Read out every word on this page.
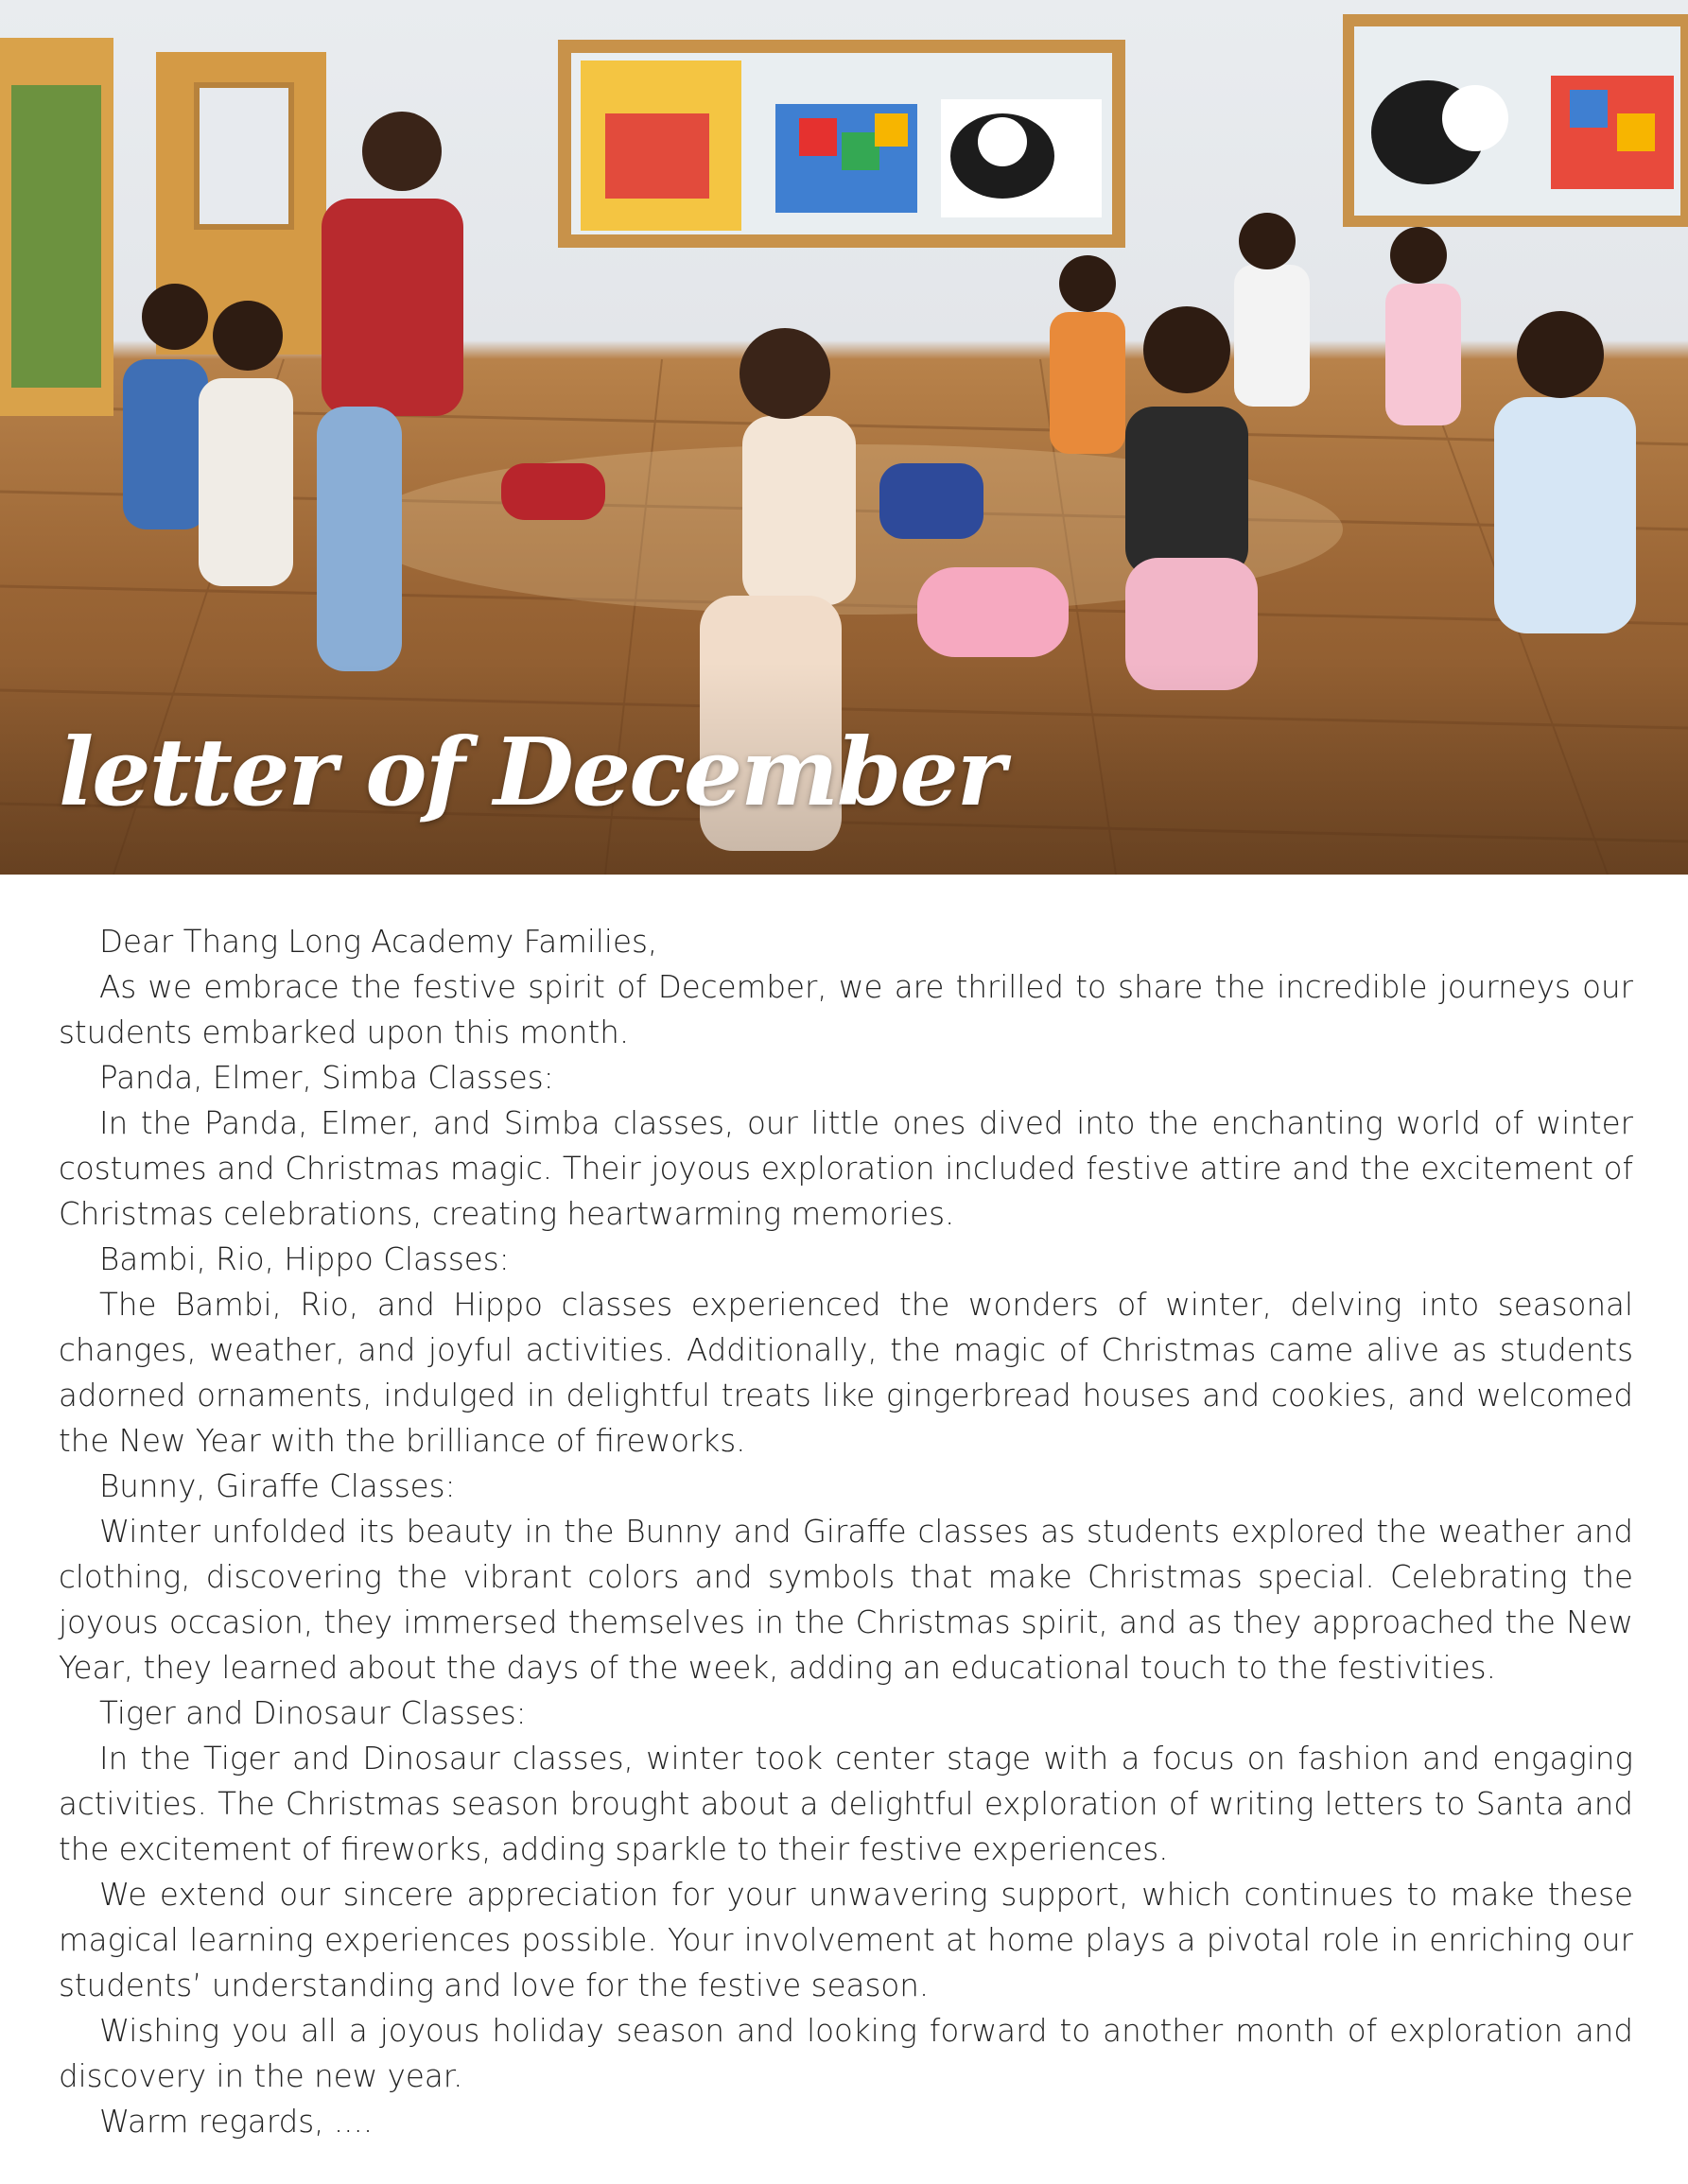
letter of December

Dear Thang Long Academy Families,

As we embrace the festive spirit of December, we are thrilled to share the incredible journeys our students embarked upon this month.

Panda, Elmer, Simba Classes:

In the Panda, Elmer, and Simba classes, our little ones dived into the enchanting world of winter costumes and Christmas magic. Their joyous exploration included festive attire and the excitement of Christmas celebrations, creating heartwarming memories.

Bambi, Rio, Hippo Classes:

The Bambi, Rio, and Hippo classes experienced the wonders of winter, delving into seasonal changes, weather, and joyful activities. Additionally, the magic of Christmas came alive as students adorned ornaments, indulged in delightful treats like gingerbread houses and cookies, and welcomed the New Year with the brilliance of fireworks.

Bunny, Giraffe Classes:

Winter unfolded its beauty in the Bunny and Giraffe classes as students explored the weather and clothing, discovering the vibrant colors and symbols that make Christmas special. Celebrating the joyous occasion, they immersed themselves in the Christmas spirit, and as they approached the New Year, they learned about the days of the week, adding an educational touch to the festivities.

Tiger and Dinosaur Classes:

In the Tiger and Dinosaur classes, winter took center stage with a focus on fashion and engaging activities. The Christmas season brought about a delightful exploration of writing letters to Santa and the excitement of fireworks, adding sparkle to their festive experiences.

We extend our sincere appreciation for your unwavering support, which continues to make these magical learning experiences possible. Your involvement at home plays a pivotal role in enriching our students’ understanding and love for the festive season.

Wishing you all a joyous holiday season and looking forward to another month of exploration and discovery in the new year.

Warm regards, ....
